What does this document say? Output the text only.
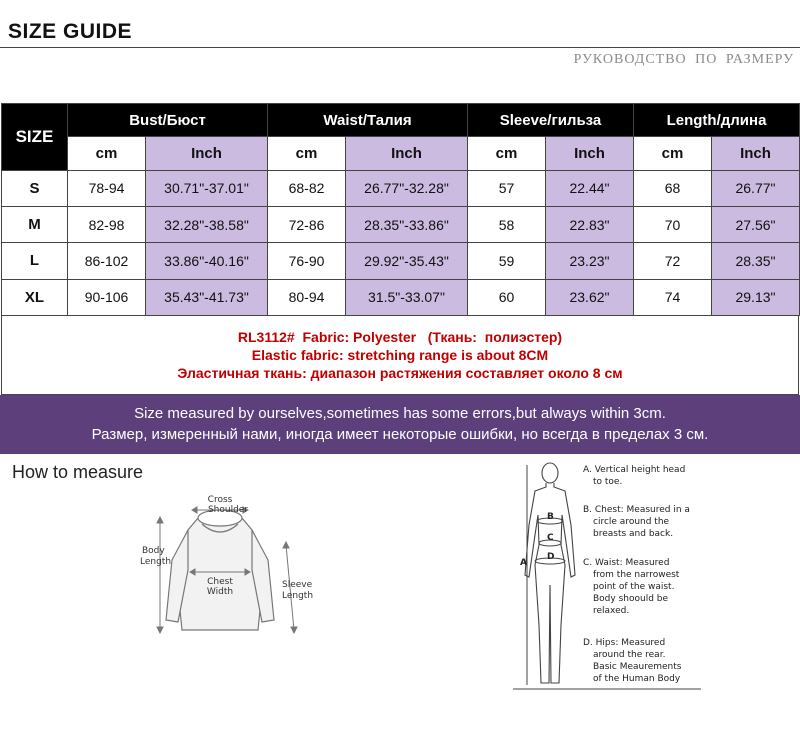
SIZE GUIDE
РУКОВОДСТВО ПО РАЗМЕРУ
SIZE	Bust/Бюст		Waist/Талия		Sleeve/гильза		Length/длина	
	cm	Inch	cm	Inch	cm	Inch	cm	Inch
S	78-94	30.71"-37.01"	68-82	26.77"-32.28"	57	22.44"	68	26.77"
M	82-98	32.28"-38.58"	72-86	28.35"-33.86"	58	22.83"	70	27.56"
L	86-102	33.86"-40.16"	76-90	29.92"-35.43"	59	23.23"	72	28.35"
XL	90-106	35.43"-41.73"	80-94	31.5"-33.07"	60	23.62"	74	29.13"
RL3112#  Fabric: Polyester   (Ткань:  полиэстер)
Elastic fabric: stretching range is about 8CM
Эластичная ткань: диапазон растяжения составляет около 8 см
Size measured by ourselves,sometimes has some errors,but always within 3cm.
Размер, измеренный нами, иногда имеет некоторые ошибки, но всегда в пределах 3 см.
How to measure
Cross
Shoulder
Body
Length
Chest
Width
Sleeve
Length
A
B
C
D
A. Vertical height head
to toe.
B. Chest: Measured in a
circle around the
breasts and back.
C. Waist: Measured
from the narrowest
point of the waist.
Body shoould be
relaxed.
D. Hips: Measured
around the rear.
Basic Meaurements
of the Human Body
